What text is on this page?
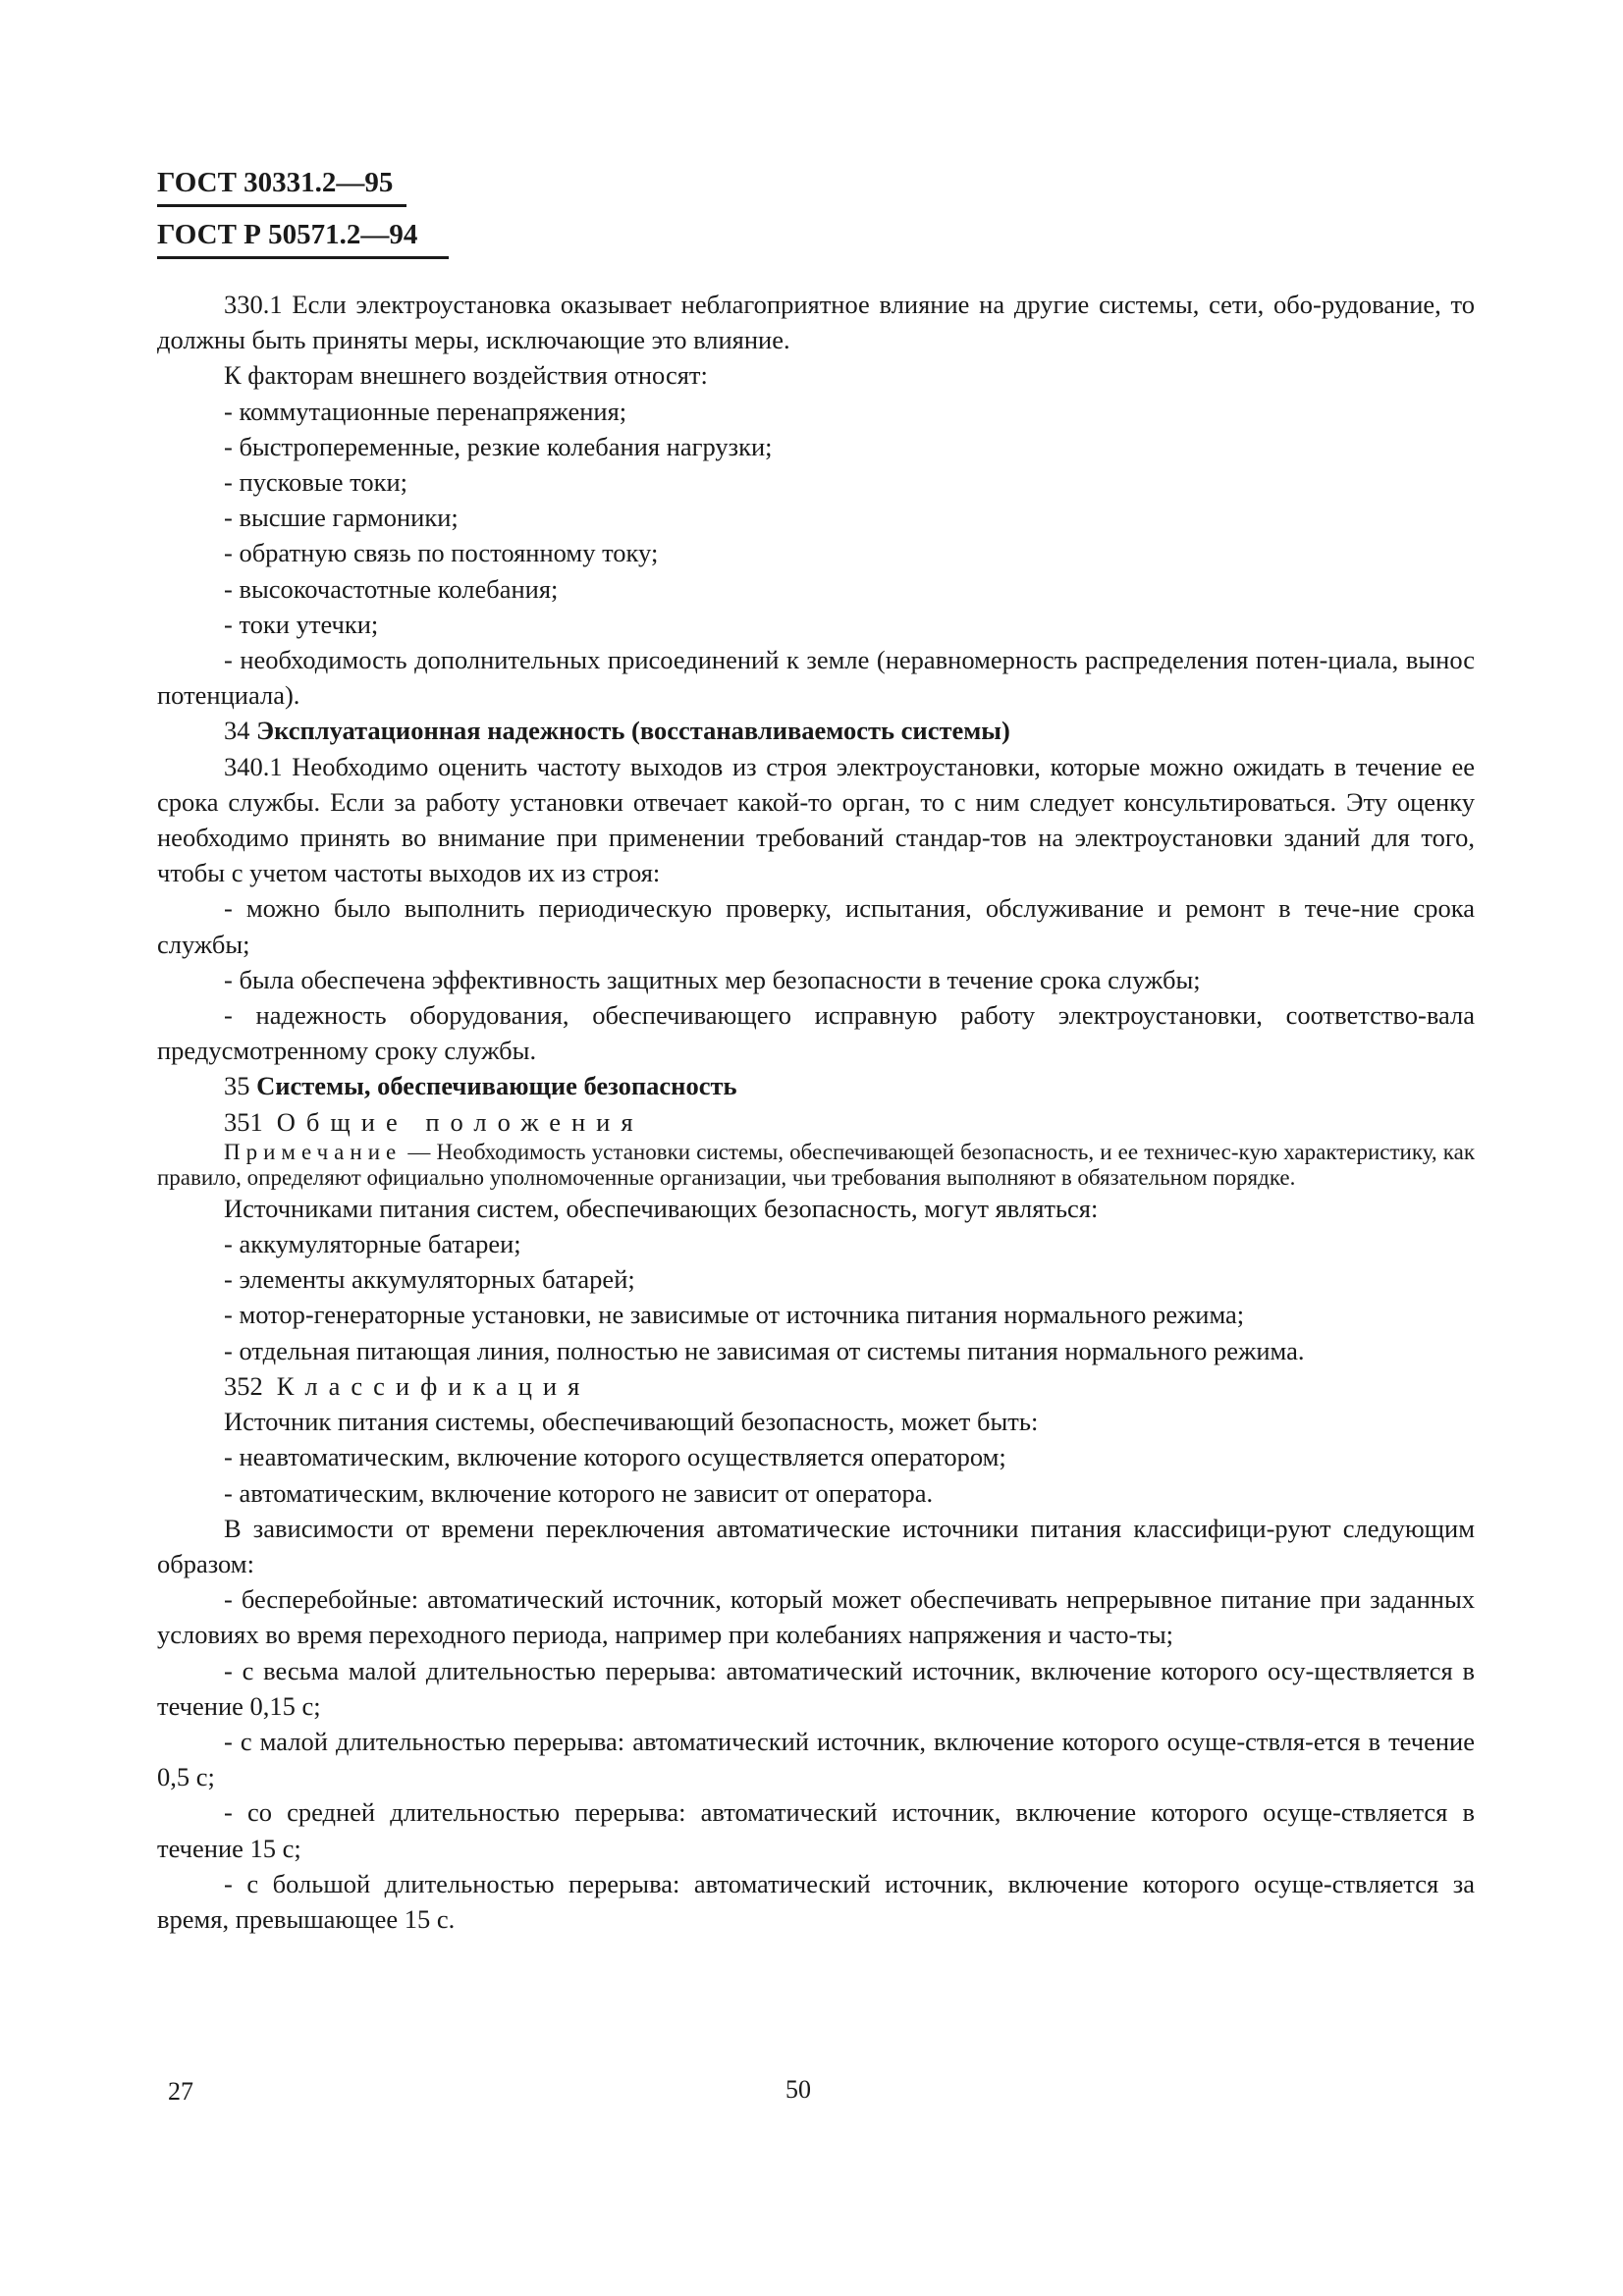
ГОСТ 30331.2—95
ГОСТ Р 50571.2—94

330.1 Если электроустановка оказывает неблагоприятное влияние на другие системы, сети, обо-рудование, то должны быть приняты меры, исключающие это влияние.

К факторам внешнего воздействия относят:

- коммутационные перенапряжения;

- быстропеременные, резкие колебания нагрузки;

- пусковые токи;

- высшие гармоники;

- обратную связь по постоянному току;

- высокочастотные колебания;

- токи утечки;

- необходимость дополнительных присоединений к земле (неравномерность распределения потен-циала, вынос потенциала).

34 Эксплуатационная надежность (восстанавливаемость системы)

340.1 Необходимо оценить частоту выходов из строя электроустановки, которые можно ожидать в течение ее срока службы. Если за работу установки отвечает какой-то орган, то с ним следует консультироваться. Эту оценку необходимо принять во внимание при применении требований стандар-тов на электроустановки зданий для того, чтобы с учетом частоты выходов их из строя:

- можно было выполнить периодическую проверку, испытания, обслуживание и ремонт в тече-ние срока службы;

- была обеспечена эффективность защитных мер безопасности в течение срока службы;

- надежность оборудования, обеспечивающего исправную работу электроустановки, соответство-вала предусмотренному сроку службы.

35 Системы, обеспечивающие безопасность

351 Общие положения

Примечание — Необходимость установки системы, обеспечивающей безопасность, и ее техничес-кую характеристику, как правило, определяют официально уполномоченные организации, чьи требования выполняют в обязательном порядке.

Источниками питания систем, обеспечивающих безопасность, могут являться:

- аккумуляторные батареи;

- элементы аккумуляторных батарей;

- мотор-генераторные установки, не зависимые от источника питания нормального режима;

- отдельная питающая линия, полностью не зависимая от системы питания нормального режима.

352 Классификация

Источник питания системы, обеспечивающий безопасность, может быть:

- неавтоматическим, включение которого осуществляется оператором;

- автоматическим, включение которого не зависит от оператора.

В зависимости от времени переключения автоматические источники питания классифици-руют следующим образом:

- бесперебойные: автоматический источник, который может обеспечивать непрерывное питание при заданных условиях во время переходного периода, например при колебаниях напряжения и часто-ты;

- с весьма малой длительностью перерыва: автоматический источник, включение которого осу-ществляется в течение 0,15 с;

- с малой длительностью перерыва: автоматический источник, включение которого осуще-ствля-ется в течение 0,5 с;

- со средней длительностью перерыва: автоматический источник, включение которого осуще-ствляется в течение 15 с;

- с большой длительностью перерыва: автоматический источник, включение которого осуще-ствляется за время, превышающее 15 с.

27	50
